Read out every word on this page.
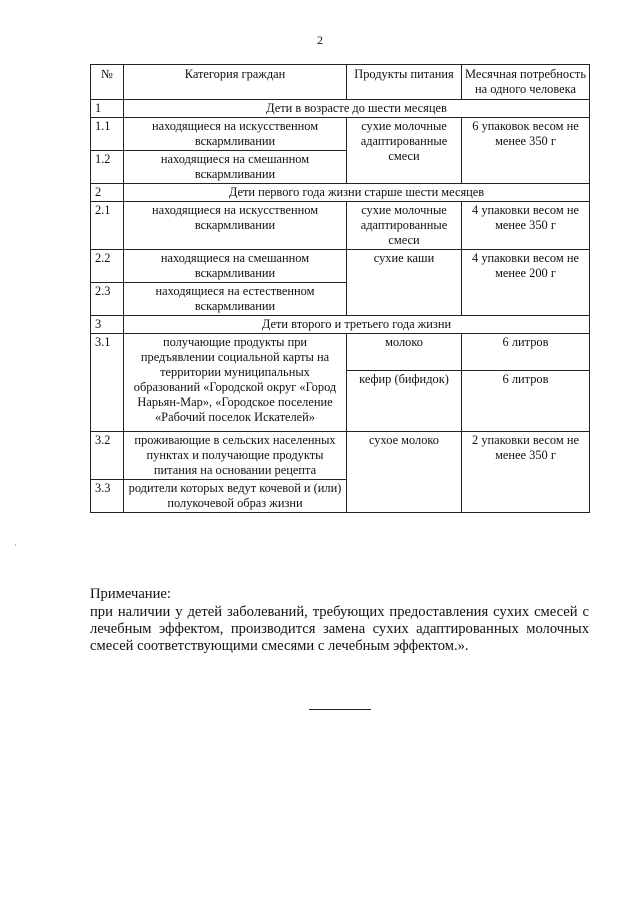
2
№	Категория граждан	Продукты питания	Месячная потребность на одного человека
1	Дети в возрасте до шести месяцев		
1.1	находящиеся на искусственном вскармливании	сухие молочные адаптированные смеси	6 упаковок весом не менее 350 г
1.2	находящиеся на смешанном вскармливании		
2	Дети первого года жизни старше шести месяцев		
2.1	находящиеся на искусственном вскармливании	сухие молочные адаптированные смеси	4 упаковки весом не менее 350 г
2.2	находящиеся на смешанном вскармливании	сухие каши	4 упаковки весом не менее 200 г
2.3	находящиеся на естественном вскармливании		
3	Дети второго и третьего года жизни		
3.1	получающие продукты при предъявлении социальной карты на территории муниципальных образований «Городской округ «Город Нарьян-Мар», «Городское поселение «Рабочий поселок Искателей»	молоко	6 литров
		кефир (бифидок)	6 литров
3.2	проживающие в сельских населенных пунктах и получающие продукты питания на основании рецепта	сухое молоко	2 упаковки весом не менее 350 г
3.3	родители которых ведут кочевой и (или) полукочевой образ жизни		

Примечание:

при наличии у детей заболеваний, требующих предоставления сухих смесей с лечебным эффектом, производится замена сухих адаптированных молочных смесей соответствующими смесями с лечебным эффектом.».

·
